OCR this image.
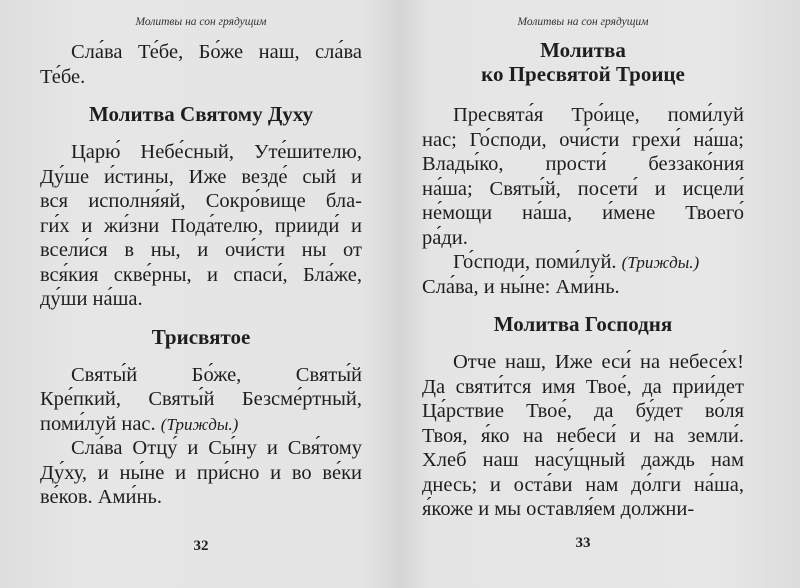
Молитвы на сон грядущим
Сла́ва Те́бе, Бо́же наш, сла́ва
Те́бе.
Молитва Святому Духу
Царю́ Небе́сный, Уте́шителю,
Ду́ше и́стины, Иже везде́ сый и
вся исполня́яй, Сокро́вище бла-
ги́х и жи́зни Пода́телю, прииди́ и
всели́ся в ны, и очи́сти ны от
вся́кия скве́рны, и спаси́, Бла́же,
ду́ши на́ша.
Трисвятое
Святы́й Бо́же, Святы́й
Кре́пкий, Святы́й Безсме́ртный,
поми́луй нас. (Трижды.)
Сла́ва Отцу́ и Сы́ну и Свя́тому
Ду́ху, и ны́не и при́сно и во ве́ки
ве́ков. Ами́нь.
32
Молитвы на сон грядущим
Молитва
ко Пресвятой Троице
Пресвята́я Тро́ице, поми́луй
нас; Го́споди, очи́сти грехи́ на́ша;
Влады́ко, прости́ беззако́ния
на́ша; Святы́й, посети́ и исцели́
не́мощи на́ша, и́мене Твоего́
ра́ди.
Го́споди, поми́луй. (Трижды.)
Сла́ва, и ны́не: Ами́нь.
Молитва Господня
Отче наш, Иже еси́ на небесе́х!
Да святи́тся имя Твое́, да прии́дет
Ца́рствие Твое́, да бу́дет во́ля
Твоя, я́ко на небеси́ и на земли́.
Хлеб наш насу́щный даждь нам
днесь; и оста́ви нам до́лги на́ша,
я́коже и мы оставля́ем должни-
33
